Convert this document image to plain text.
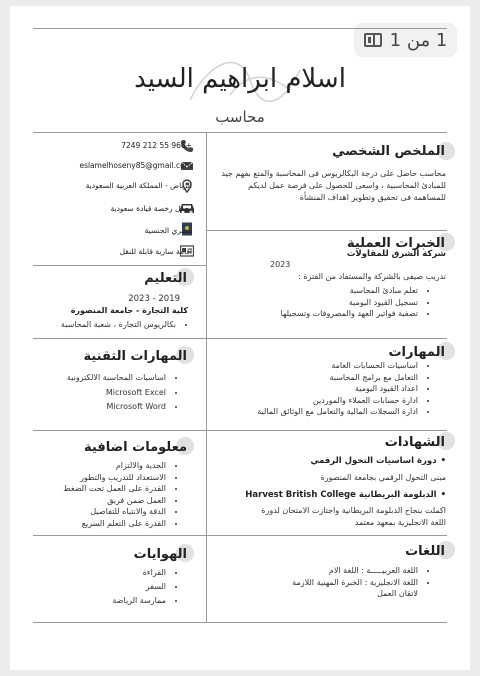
1 من 1
اسلام ابراهيم السيد
محاسب
+966 55 212 7249
eslamelhoseny85@gmail.com
الرياض - المملكة العربية السعودية
يحمل رخصة قيادة سعودية
مصري الجنسية
اقامة سارية قابلة للنقل
الملخص الشخصي
محاسب حاصل على درجة البكالريوس فى المحاسبة والمتع بفهم جيد للمبادئ المحاسبية ، واسعى للحصول على فرصة عمل لديكم للمساهمة فى تحقيق وتطوير اهداف المنشأة
الخبرات العملية
شركة الشرق للمقاولات
2023
تدريب صيفى بالشركة والمستفاد من الفترة :
• تعلم مبادئ المحاسبة
• تسجيل القيود اليومية
• تصفية فواتير العهد والمصروفات وتسجيلها
التعليم
2019 - 2023
كلية التجارة - جامعة المنصورة
• بكالريوس التجارة ، شعبة المحاسبة
المهارات
• اساسيات الحسابات العامة
• التعامل مع برامج المحاسبة
• اعداد القيود اليومية
• ادارة حسابات العملاء والموردين
• ادارة السجلات المالية والتعامل مع الوثائق المالية
المهارات التقنية
• اساسيات المحاسبة الالكترونية
• Microsoft Excel
• Microsoft Word
الشهادات
•دورة اساسيات التحول الرقمي
مبنى التحول الرقمي بجامعة المنصورة
•الدبلومة البريطانية Harvest British College
اكملت بنجاح الدبلومة البريطانية واجتازت الامتحان لدورة اللغة الانجليزية بمعهد معتمد
معلومات اضافية
• الجدية والالتزام
• الاستعداد للتدريب والتطور
• القدرة على العمل تحت الضغط
• العمل ضمن فريق
• الدقة والانتباه للتفاصيل
• القدرة على التعلم السريع
اللغات
• اللغة العربيـــــة : اللغة الام
• اللغة الانجليزية : الخبرة المهنية اللازمة لاتقان العمل
الهوايات
• القراءة
• السفر
• ممارسة الرياضة
